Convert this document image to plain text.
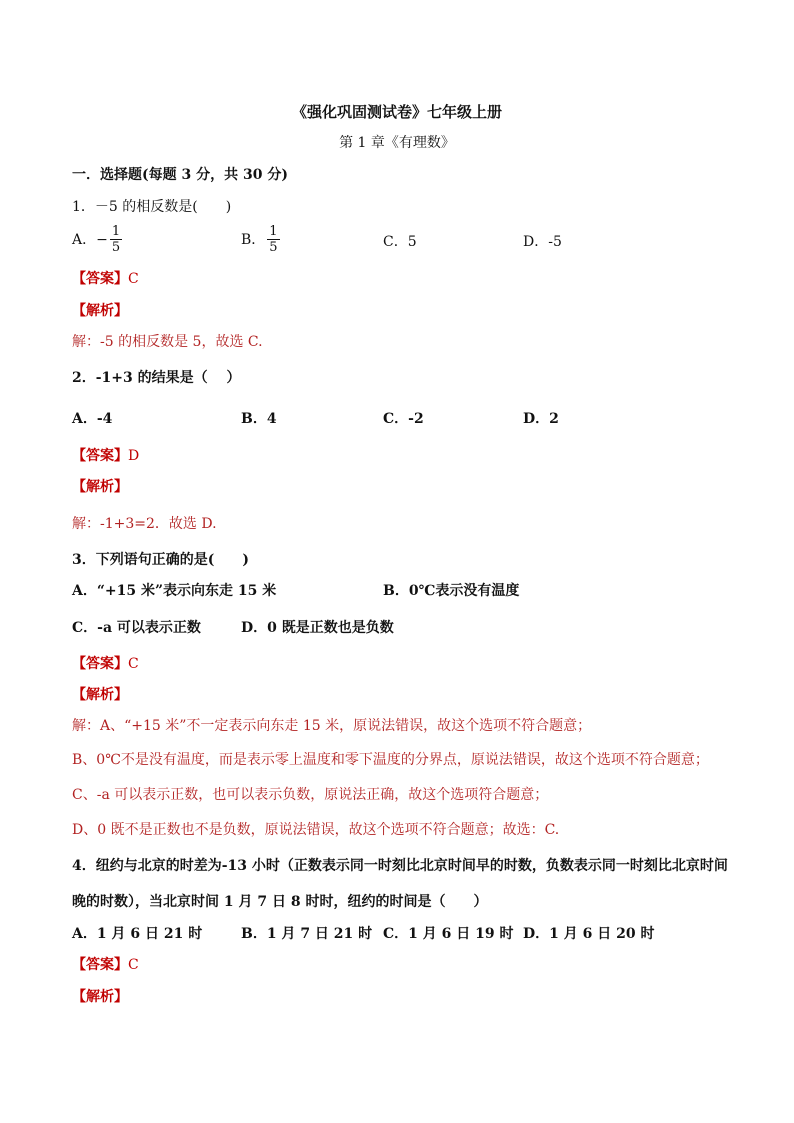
《强化巩固测试卷》七年级上册
第 1 章《有理数》
一．选择题(每题 3 分，共 30 分)
1．－5 的相反数是(　　)
A．− $\frac{1}{5}$	B． $\frac{1}{5}$	C．5	D．-5
【答案】C
【解析】
解：-5 的相反数是 5，故选 C.
2．-1+3 的结果是（　 ）
A．-4	B．4	C．-2	D．2
【答案】D
【解析】
解：-1+3=2．故选 D.
3．下列语句正确的是(　　)
A．“+15 米”表示向东走 15 米	B．0℃表示没有温度
C．-a 可以表示正数	D．0 既是正数也是负数
【答案】C
【解析】
解：A、“+15 米”不一定表示向东走 15 米，原说法错误，故这个选项不符合题意；
B、0℃不是没有温度，而是表示零上温度和零下温度的分界点，原说法错误，故这个选项不符合题意；
C、-a 可以表示正数，也可以表示负数，原说法正确，故这个选项符合题意；
D、0 既不是正数也不是负数，原说法错误，故这个选项不符合题意；故选：C.
4．纽约与北京的时差为-13 小时（正数表示同一时刻比北京时间早的时数，负数表示同一时刻比北京时间
晚的时数），当北京时间 1 月 7 日 8 时时，纽约的时间是（　　）
A．1 月 6 日 21 时	B．1 月 7 日 21 时 C．1 月 6 日 19 时 D．1 月 6 日 20 时
【答案】C
【解析】
